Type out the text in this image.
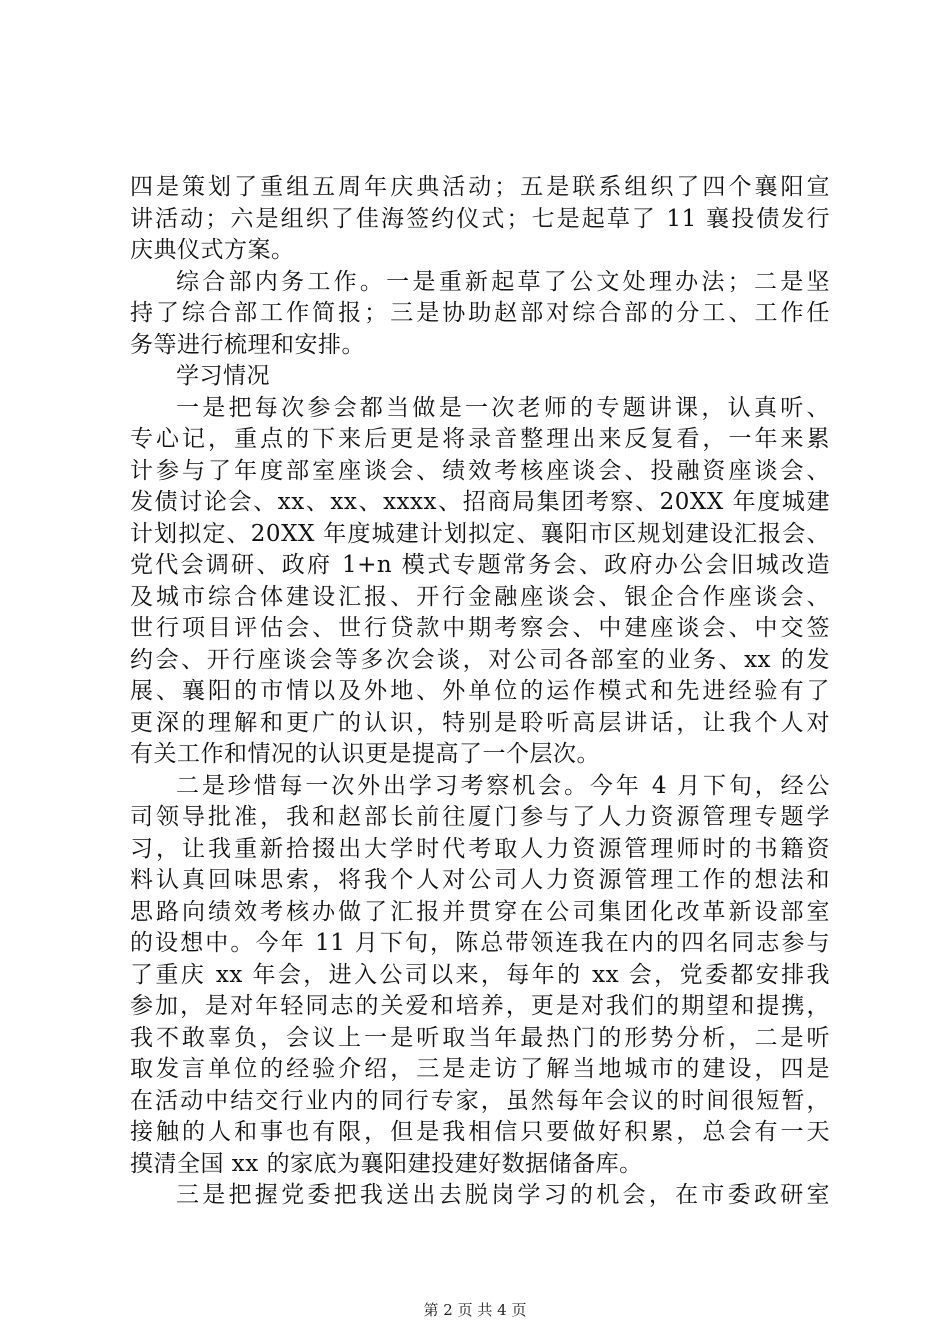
四是策划了重组五周年庆典活动；五是联系组织了四个襄阳宣
讲活动；六是组织了佳海签约仪式；七是起草了 11 襄投债发行
庆典仪式方案。
综合部内务工作。一是重新起草了公文处理办法；二是坚
持了综合部工作简报；三是协助赵部对综合部的分工、工作任
务等进行梳理和安排。
学习情况
一是把每次参会都当做是一次老师的专题讲课，认真听、
专心记，重点的下来后更是将录音整理出来反复看，一年来累
计参与了年度部室座谈会、绩效考核座谈会、投融资座谈会、
发债讨论会、xx、xx、xxxx、招商局集团考察、20XX 年度城建
计划拟定、20XX 年度城建计划拟定、襄阳市区规划建设汇报会、
党代会调研、政府 1+n 模式专题常务会、政府办公会旧城改造
及城市综合体建设汇报、开行金融座谈会、银企合作座谈会、
世行项目评估会、世行贷款中期考察会、中建座谈会、中交签
约会、开行座谈会等多次会谈，对公司各部室的业务、xx 的发
展、襄阳的市情以及外地、外单位的运作模式和先进经验有了
更深的理解和更广的认识，特别是聆听高层讲话，让我个人对
有关工作和情况的认识更是提高了一个层次。
二是珍惜每一次外出学习考察机会。今年 4 月下旬，经公
司领导批准，我和赵部长前往厦门参与了人力资源管理专题学
习，让我重新拾掇出大学时代考取人力资源管理师时的书籍资
料认真回味思索，将我个人对公司人力资源管理工作的想法和
思路向绩效考核办做了汇报并贯穿在公司集团化改革新设部室
的设想中。今年 11 月下旬，陈总带领连我在内的四名同志参与
了重庆 xx 年会，进入公司以来，每年的 xx 会，党委都安排我
参加，是对年轻同志的关爱和培养，更是对我们的期望和提携，
我不敢辜负，会议上一是听取当年最热门的形势分析，二是听
取发言单位的经验介绍，三是走访了解当地城市的建设，四是
在活动中结交行业内的同行专家，虽然每年会议的时间很短暂，
接触的人和事也有限，但是我相信只要做好积累，总会有一天
摸清全国 xx 的家底为襄阳建投建好数据储备库。
三是把握党委把我送出去脱岗学习的机会，在市委政研室
第 2 页 共 4 页
